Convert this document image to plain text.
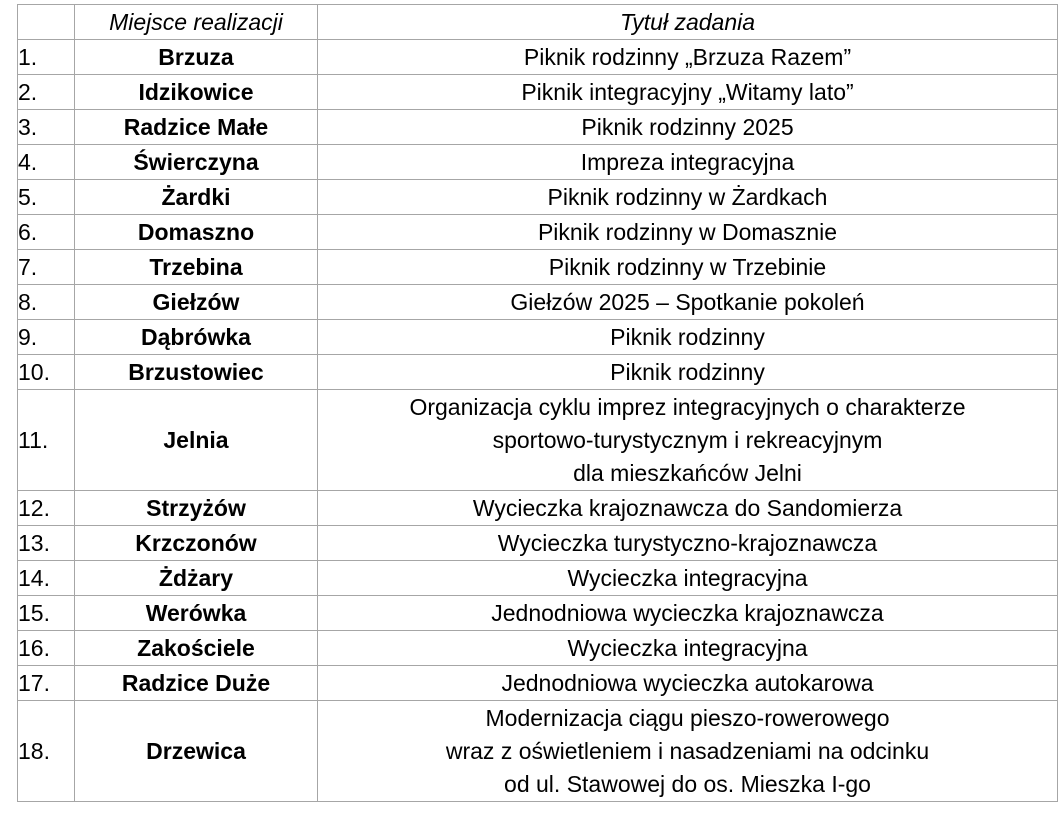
	Miejsce realizacji	Tytuł zadania
1.	Brzuza	Piknik rodzinny „Brzuza Razem”

2.	Idzikowice	Piknik integracyjny „Witamy lato”

3.	Radzice Małe	Piknik rodzinny 2025

4.	Świerczyna	Impreza integracyjna

5.	Żardki	Piknik rodzinny w Żardkach

6.	Domaszno	Piknik rodzinny w Domasznie

7.	Trzebina	Piknik rodzinny w Trzebinie

8.	Giełzów	Giełzów 2025 – Spotkanie pokoleń

9.	Dąbrówka	Piknik rodzinny

10.	Brzustowiec	Piknik rodzinny

11.	Jelnia	Organizacja cyklu imprez integracyjnych o charakterze
sportowo-turystycznym i rekreacyjnym
dla mieszkańców Jelni

12.	Strzyżów	Wycieczka krajoznawcza do Sandomierza

13.	Krzczonów	Wycieczka turystyczno-krajoznawcza

14.	Żdżary	Wycieczka integracyjna

15.	Werówka	Jednodniowa wycieczka krajoznawcza

16.	Zakościele	Wycieczka integracyjna

17.	Radzice Duże	Jednodniowa wycieczka autokarowa

18.	Drzewica	Modernizacja ciągu pieszo-rowerowego
wraz z oświetleniem i nasadzeniami na odcinku
od ul. Stawowej do os. Mieszka I-go
